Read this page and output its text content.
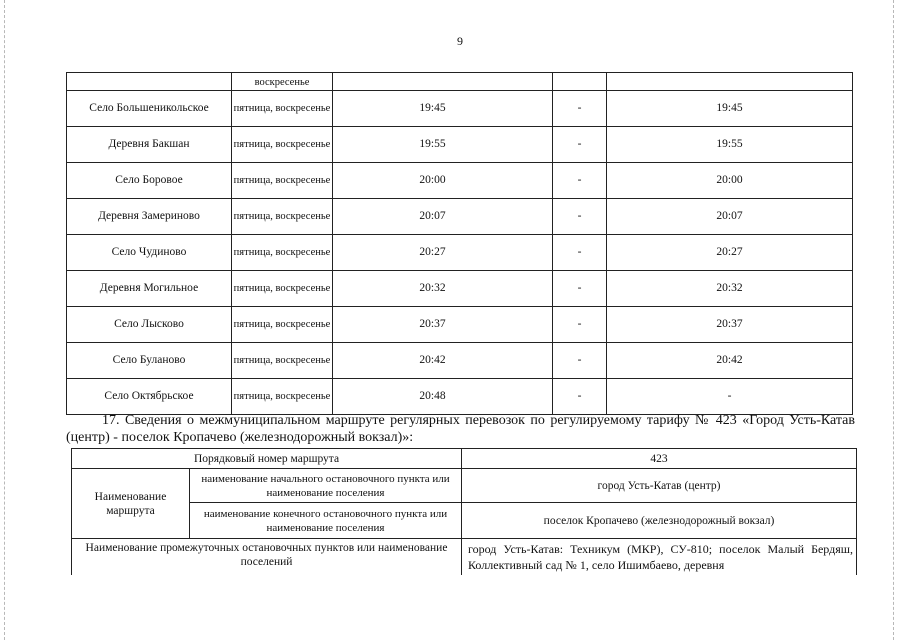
9
	воскресенье			
Село Большеникольское	пятница, воскресенье	19:45	-	19:45
Деревня Бакшан	пятница, воскресенье	19:55	-	19:55
Село Боровое	пятница, воскресенье	20:00	-	20:00
Деревня Замериново	пятница, воскресенье	20:07	-	20:07
Село Чудиново	пятница, воскресенье	20:27	-	20:27
Деревня Могильное	пятница, воскресенье	20:32	-	20:32
Село Лысково	пятница, воскресенье	20:37	-	20:37
Село Буланово	пятница, воскресенье	20:42	-	20:42
Село Октябрьское	пятница, воскресенье	20:48	-	-

17. Сведения о межмуниципальном маршруте регулярных перевозок по регулируемому тарифу № 423 «Город Усть-Катав (центр) - поселок Кропачево (железнодорожный вокзал)»:

Порядковый номер маршрута		423
Наименование маршрута	наименование начального остановочного пункта или наименование поселения	город Усть-Катав (центр)
	наименование конечного остановочного пункта или наименование поселения	поселок Кропачево (железнодорожный вокзал)
Наименование промежуточных остановочных пунктов или наименование поселений		город Усть-Катав: Техникум (МКР), СУ-810; поселок Малый Бердяш, Коллективный сад № 1, село Ишимбаево, деревня
